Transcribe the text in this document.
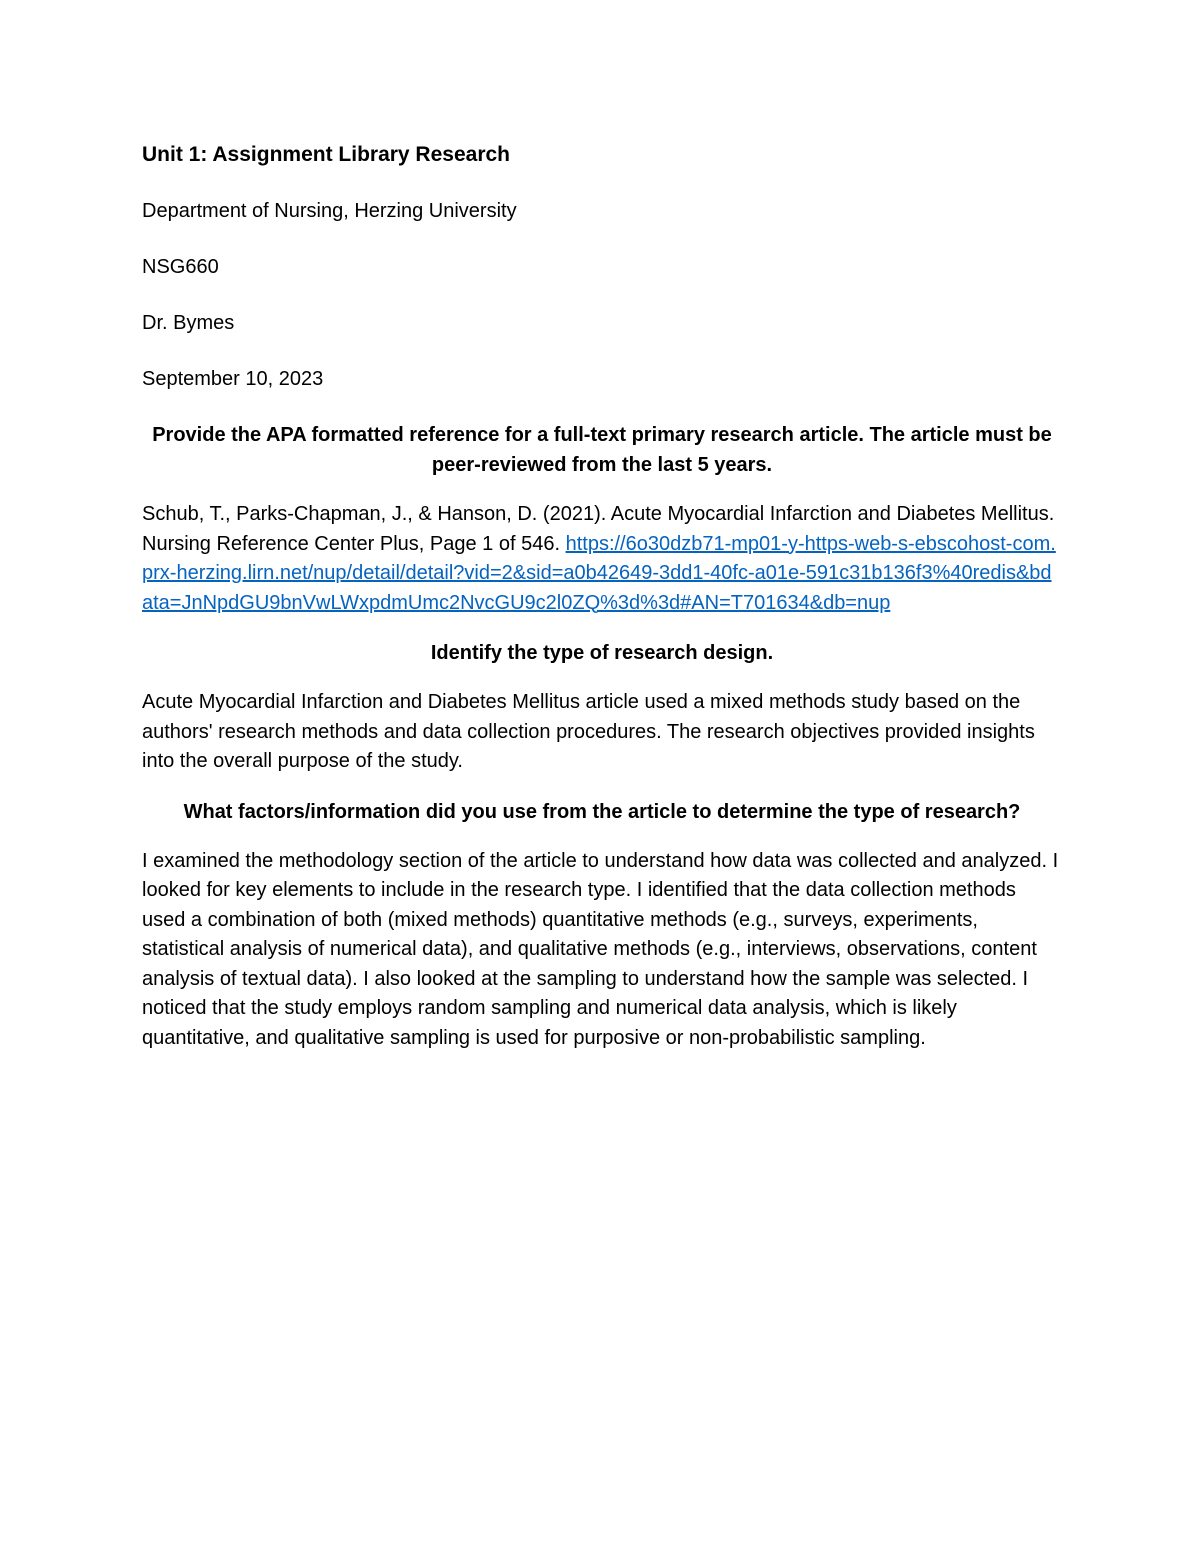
Unit 1: Assignment Library Research
Department of Nursing, Herzing University
NSG660
Dr. Bymes
September 10, 2023
Provide the APA formatted reference for a full-text primary research article. The article must be peer-reviewed from the last 5 years.
Schub, T., Parks-Chapman, J., & Hanson, D. (2021). Acute Myocardial Infarction and Diabetes Mellitus. Nursing Reference Center Plus, Page 1 of 546. https://6o30dzb71-mp01-y-https-web-s-ebscohost-com.prx-herzing.lirn.net/nup/detail/detail?vid=2&sid=a0b42649-3dd1-40fc-a01e-591c31b136f3%40redis&bdata=JnNpdGU9bnVwLWxpdmUmc2NvcGU9c2l0ZQ%3d%3d#AN=T701634&db=nup
Identify the type of research design.
Acute Myocardial Infarction and Diabetes Mellitus article used a mixed methods study based on the authors' research methods and data collection procedures. The research objectives provided insights into the overall purpose of the study.
What factors/information did you use from the article to determine the type of research?
I examined the methodology section of the article to understand how data was collected and analyzed. I looked for key elements to include in the research type. I identified that the data collection methods used a combination of both (mixed methods) quantitative methods (e.g., surveys, experiments, statistical analysis of numerical data), and qualitative methods (e.g., interviews, observations, content analysis of textual data). I also looked at the sampling to understand how the sample was selected. I noticed that the study employs random sampling and numerical data analysis, which is likely quantitative, and qualitative sampling is used for purposive or non-probabilistic sampling.
